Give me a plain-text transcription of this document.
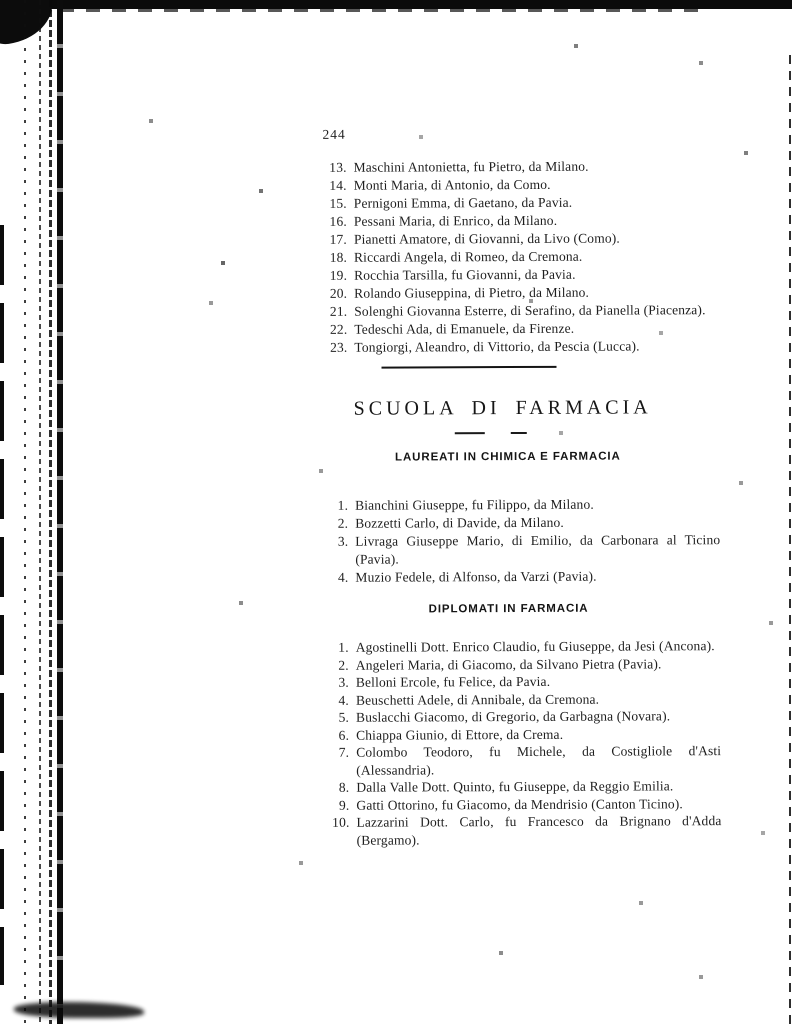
244
13. Maschini Antonietta, fu Pietro, da Milano.
14. Monti Maria, di Antonio, da Como.
15. Pernigoni Emma, di Gaetano, da Pavia.
16. Pessani Maria, di Enrico, da Milano.
17. Pianetti Amatore, di Giovanni, da Livo (Como).
18. Riccardi Angela, di Romeo, da Cremona.
19. Rocchia Tarsilla, fu Giovanni, da Pavia.
20. Rolando Giuseppina, di Pietro, da Milano.
21. Solenghi Giovanna Esterre, di Serafino, da Pianella (Piacenza).
22. Tedeschi Ada, di Emanuele, da Firenze.
23. Tongiorgi, Aleandro, di Vittorio, da Pescia (Lucca).
SCUOLA DI FARMACIA
LAUREATI IN CHIMICA E FARMACIA
1. Bianchini Giuseppe, fu Filippo, da Milano.
2. Bozzetti Carlo, di Davide, da Milano.
3. Livraga Giuseppe Mario, di Emilio, da Carbonara al Ticino (Pavia).
4. Muzio Fedele, di Alfonso, da Varzi (Pavia).
DIPLOMATI IN FARMACIA
1. Agostinelli Dott. Enrico Claudio, fu Giuseppe, da Jesi (Ancona).
2. Angeleri Maria, di Giacomo, da Silvano Pietra (Pavia).
3. Belloni Ercole, fu Felice, da Pavia.
4. Beuschetti Adele, di Annibale, da Cremona.
5. Buslacchi Giacomo, di Gregorio, da Garbagna (Novara).
6. Chiappa Giunio, di Ettore, da Crema.
7. Colombo Teodoro, fu Michele, da Costigliole d'Asti (Alessandria).
8. Dalla Valle Dott. Quinto, fu Giuseppe, da Reggio Emilia.
9. Gatti Ottorino, fu Giacomo, da Mendrisio (Canton Ticino).
10. Lazzarini Dott. Carlo, fu Francesco da Brignano d'Adda (Bergamo).
